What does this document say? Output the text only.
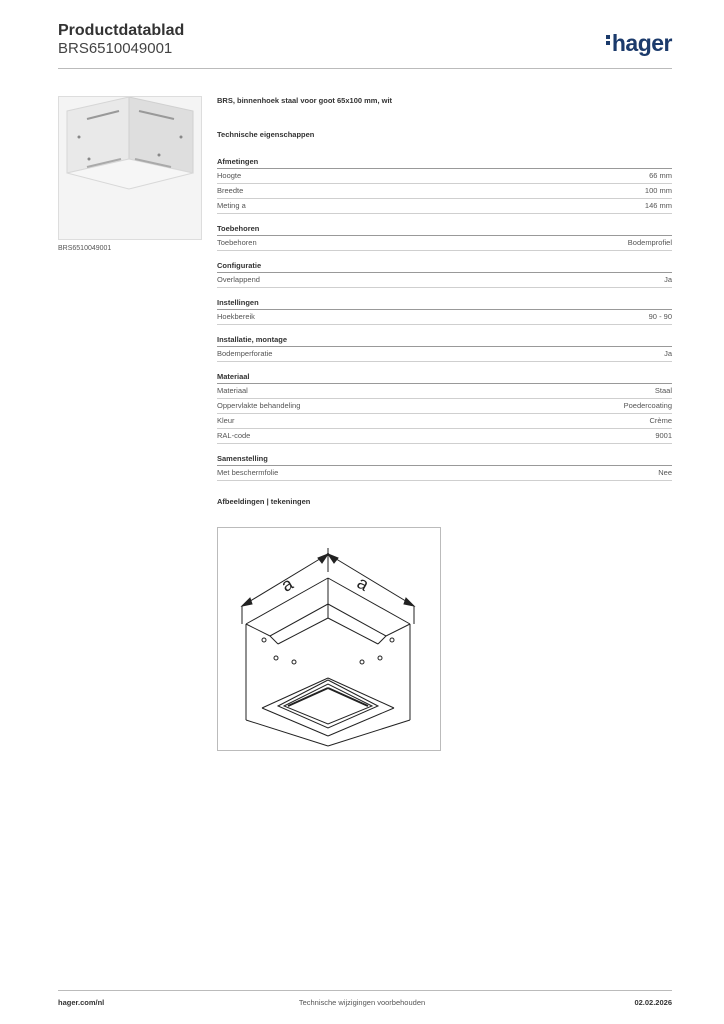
Productdatablad
BRS6510049001	hager
BRS6510049001
BRS, binnenhoek staal voor goot 65x100 mm, wit
Technische eigenschappen
Afmetingen
Hoogte	66 mm
Breedte	100 mm
Meting a	146 mm
Toebehoren
Toebehoren	Bodemprofiel
Configuratie
Overlappend	Ja
Instellingen
Hoekbereik	90 - 90
Installatie, montage
Bodemperforatie	Ja
Materiaal
Materiaal	Staal
Oppervlakte behandeling	Poedercoating
Kleur	Crème
RAL-code	9001
Samenstelling
Met beschermfolie	Nee
Afbeeldingen | tekeningen
a	a
hager.com/nl	Technische wijzigingen voorbehouden	02.02.2026
